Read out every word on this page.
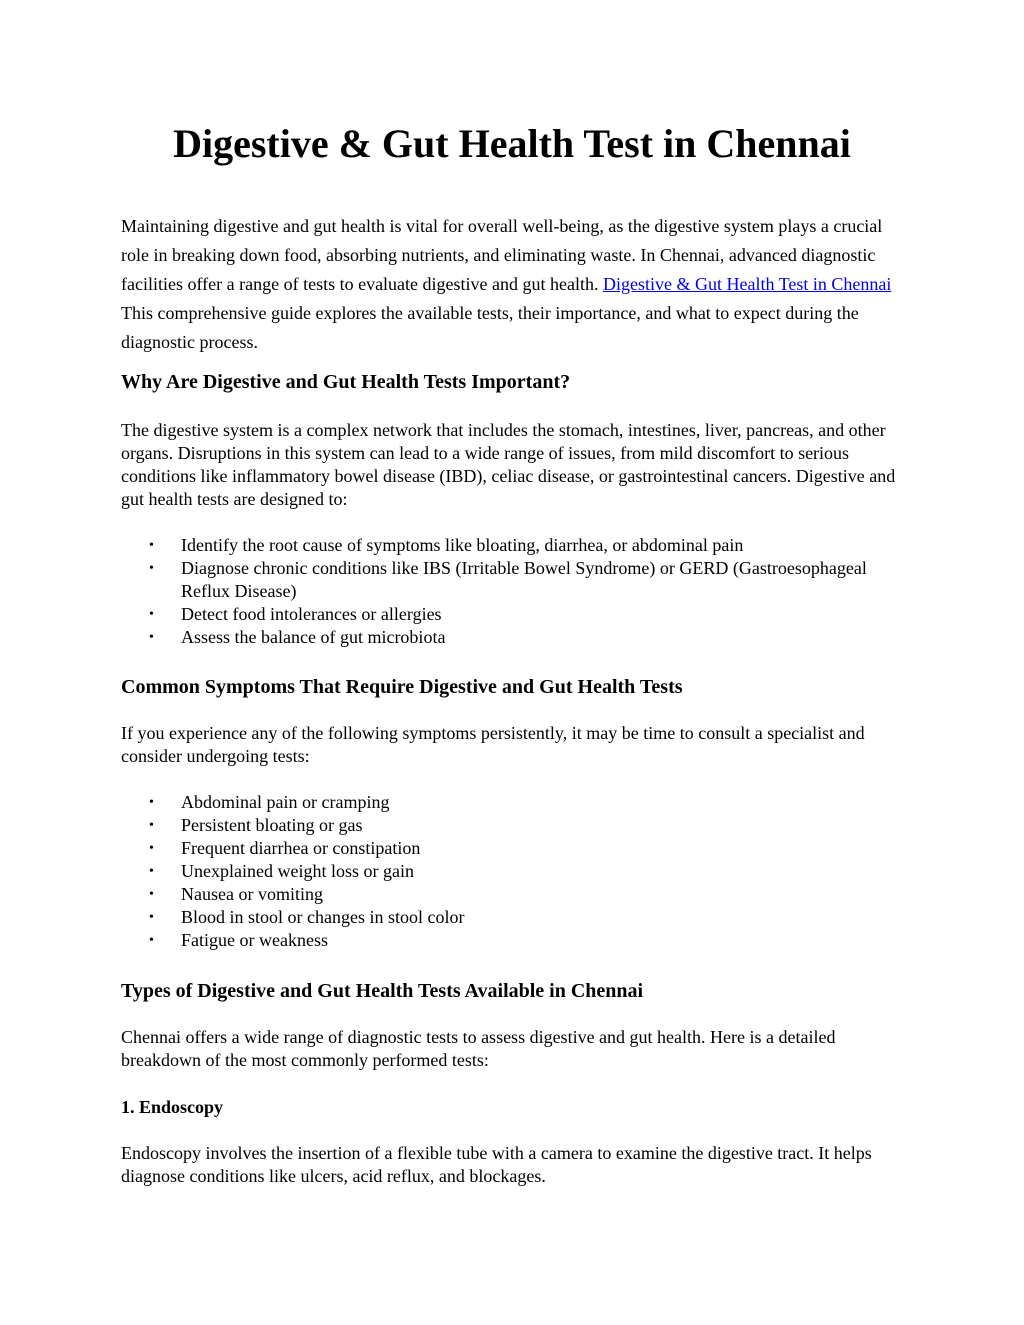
Digestive & Gut Health Test in Chennai

Maintaining digestive and gut health is vital for overall well-being, as the digestive system plays a crucial role in breaking down food, absorbing nutrients, and eliminating waste. In Chennai, advanced diagnostic facilities offer a range of tests to evaluate digestive and gut health. Digestive & Gut Health Test in Chennai This comprehensive guide explores the available tests, their importance, and what to expect during the diagnostic process.

Why Are Digestive and Gut Health Tests Important?

The digestive system is a complex network that includes the stomach, intestines, liver, pancreas, and other organs. Disruptions in this system can lead to a wide range of issues, from mild discomfort to serious conditions like inflammatory bowel disease (IBD), celiac disease, or gastrointestinal cancers. Digestive and gut health tests are designed to:

• Identify the root cause of symptoms like bloating, diarrhea, or abdominal pain
• Diagnose chronic conditions like IBS (Irritable Bowel Syndrome) or GERD (Gastroesophageal Reflux Disease)
• Detect food intolerances or allergies
• Assess the balance of gut microbiota
Common Symptoms That Require Digestive and Gut Health Tests

If you experience any of the following symptoms persistently, it may be time to consult a specialist and consider undergoing tests:

• Abdominal pain or cramping
• Persistent bloating or gas
• Frequent diarrhea or constipation
• Unexplained weight loss or gain
• Nausea or vomiting
• Blood in stool or changes in stool color
• Fatigue or weakness
Types of Digestive and Gut Health Tests Available in Chennai

Chennai offers a wide range of diagnostic tests to assess digestive and gut health. Here is a detailed breakdown of the most commonly performed tests:

1. Endoscopy

Endoscopy involves the insertion of a flexible tube with a camera to examine the digestive tract. It helps diagnose conditions like ulcers, acid reflux, and blockages.
